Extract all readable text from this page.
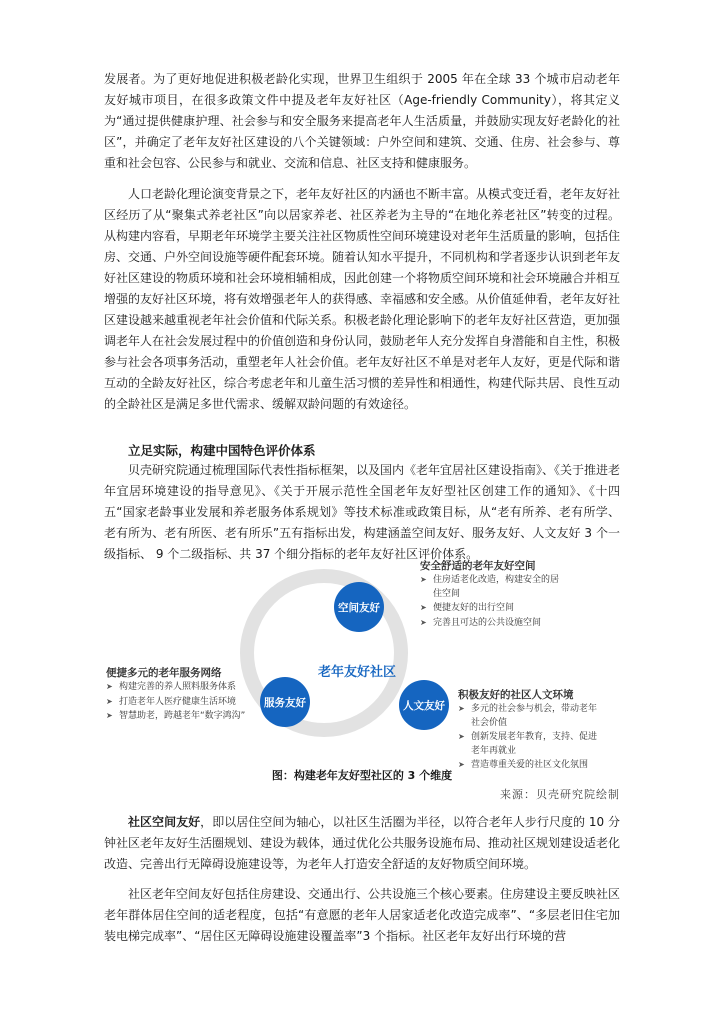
发展者。为了更好地促进积极老龄化实现，世界卫生组织于 2005 年在全球 33 个城市启动老年友好城市项目，在很多政策文件中提及老年友好社区（Age-friendly Community），将其定义为“通过提供健康护理、社会参与和安全服务来提高老年人生活质量，并鼓励实现友好老龄化的社区”，并确定了老年友好社区建设的八个关键领域：户外空间和建筑、交通、住房、社会参与、尊重和社会包容、公民参与和就业、交流和信息、社区支持和健康服务。

人口老龄化理论演变背景之下，老年友好社区的内涵也不断丰富。从模式变迁看，老年友好社区经历了从“聚集式养老社区”向以居家养老、社区养老为主导的“在地化养老社区”转变的过程。从构建内容看，早期老年环境学主要关注社区物质性空间环境建设对老年生活质量的影响，包括住房、交通、户外空间设施等硬件配套环境。随着认知水平提升，不同机构和学者逐步认识到老年友好社区建设的物质环境和社会环境相辅相成，因此创建一个将物质空间环境和社会环境融合并相互增强的友好社区环境，将有效增强老年人的获得感、幸福感和安全感。从价值延伸看，老年友好社区建设越来越重视老年社会价值和代际关系。积极老龄化理论影响下的老年友好社区营造，更加强调老年人在社会发展过程中的价值创造和身份认同，鼓励老年人充分发挥自身潜能和自主性，积极参与社会各项事务活动，重塑老年人社会价值。老年友好社区不单是对老年人友好，更是代际和谐互动的全龄友好社区，综合考虑老年和儿童生活习惯的差异性和相通性，构建代际共居、良性互动的全龄社区是满足多世代需求、缓解双龄问题的有效途径。

立足实际，构建中国特色评价体系

贝壳研究院通过梳理国际代表性指标框架，以及国内《老年宜居社区建设指南》、《关于推进老年宜居环境建设的指导意见》、《关于开展示范性全国老年友好型社区创建工作的通知》、《十四五“国家老龄事业发展和养老服务体系规划》等技术标准或政策目标，从“老有所养、老有所学、老有所为、老有所医、老有所乐”五有指标出发，构建涵盖空间友好、服务友好、人文友好 3 个一级指标、 9 个二级指标、共 37 个细分指标的老年友好社区评价体系。

空间友好
服务友好	人文友好
老年友好社区
安全舒适的老年友好空间
➤ 住房适老化改造，构建安全的居
住空间
➤ 便捷友好的出行空间
➤ 完善且可达的公共设施空间
便捷多元的老年服务网络
➤ 构建完善的养人照料服务体系
➤ 打造老年人医疗健康生活环境
➤ 智慧助老，跨越老年“数字鸿沟”
积极友好的社区人文环境
➤ 多元的社会参与机会，带动老年
社会价值
➤ 创新发展老年教育，支持、促进
老年再就业
➤ 营造尊重关爱的社区文化氛围

图：构建老年友好型社区的 3 个维度

来源：贝壳研究院绘制

社区空间友好，即以居住空间为轴心，以社区生活圈为半径，以符合老年人步行尺度的 10 分钟社区老年友好生活圈规划、建设为载体，通过优化公共服务设施布局、推动社区规划建设适老化改造、完善出行无障碍设施建设等，为老年人打造安全舒适的友好物质空间环境。

社区老年空间友好包括住房建设、交通出行、公共设施三个核心要素。住房建设主要反映社区老年群体居住空间的适老程度，包括“有意愿的老年人居家适老化改造完成率”、“多层老旧住宅加装电梯完成率”、“居住区无障碍设施建设覆盖率”3 个指标。社区老年友好出行环境的营
